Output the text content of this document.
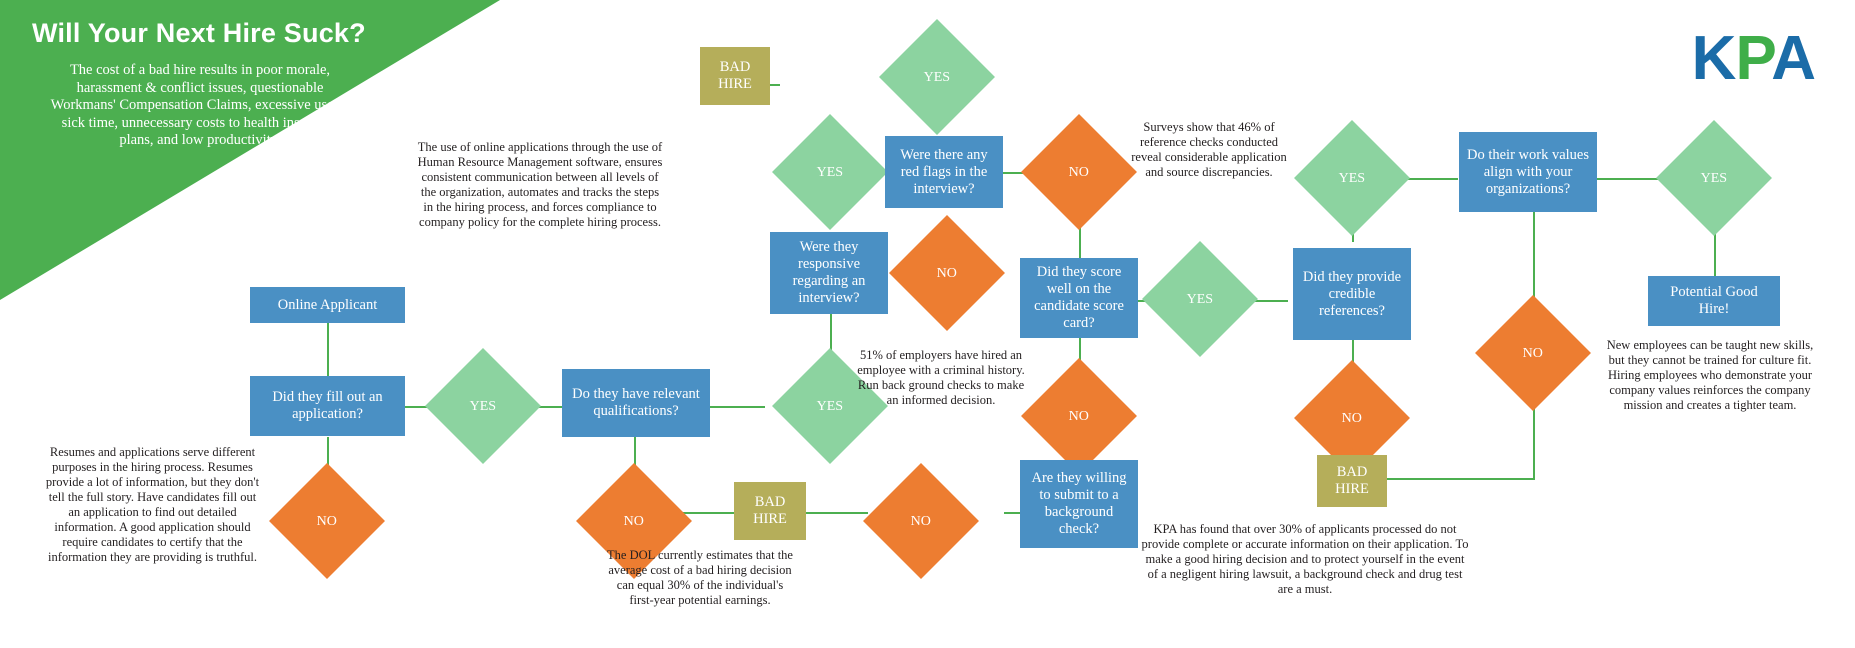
Will Your Next Hire Suck?
The cost of a bad hire results in poor morale, harassment & conflict issues, questionable Workmans' Compensation Claims, excessive use of sick time, unnecessary costs to health insurance plans, and low productivity.
KPA
Online Applicant
Did they fill out an application?
YES
NO
Do they have relevant qualifications?	YES
NO
BAD HIRE
Were they responsive regarding an interview?
YES
NO
Were there any red flags in the interview?
YES
BAD HIRE
NO
Did they score well on the candidate score card?
NO
Are they willing to submit to a background check?
NO
YES
Did they provide credible references?
NO
BAD HIRE
YES
Do their work values align with your organizations?
YES
NO
Potential Good Hire!
The use of online applications through the use of Human Resource Management software, ensures consistent communication between all levels of the organization, automates and tracks the steps in the hiring process, and forces compliance to company policy for the complete hiring process.
Resumes and applications serve different purposes in the hiring process. Resumes provide a lot of information, but they don't tell the full story. Have candidates fill out an application to find out detailed information. A good application should require candidates to certify that the information they are providing is truthful.	The DOL currently estimates that the average cost of a bad hiring decision can equal 30% of the individual's first-year potential earnings.
51% of employers have hired an employee with a criminal history. Run back ground checks to make an informed decision.
Surveys show that 46% of reference checks conducted reveal considerable application and source discrepancies.
KPA has found that over 30% of applicants processed do not provide complete or accurate information on their application. To make a good hiring decision and to protect yourself in the event of a negligent hiring lawsuit, a background check and drug test are a must.
New employees can be taught new skills, but they cannot be trained for culture fit. Hiring employees who demonstrate your company values reinforces the company mission and creates a tighter team.
